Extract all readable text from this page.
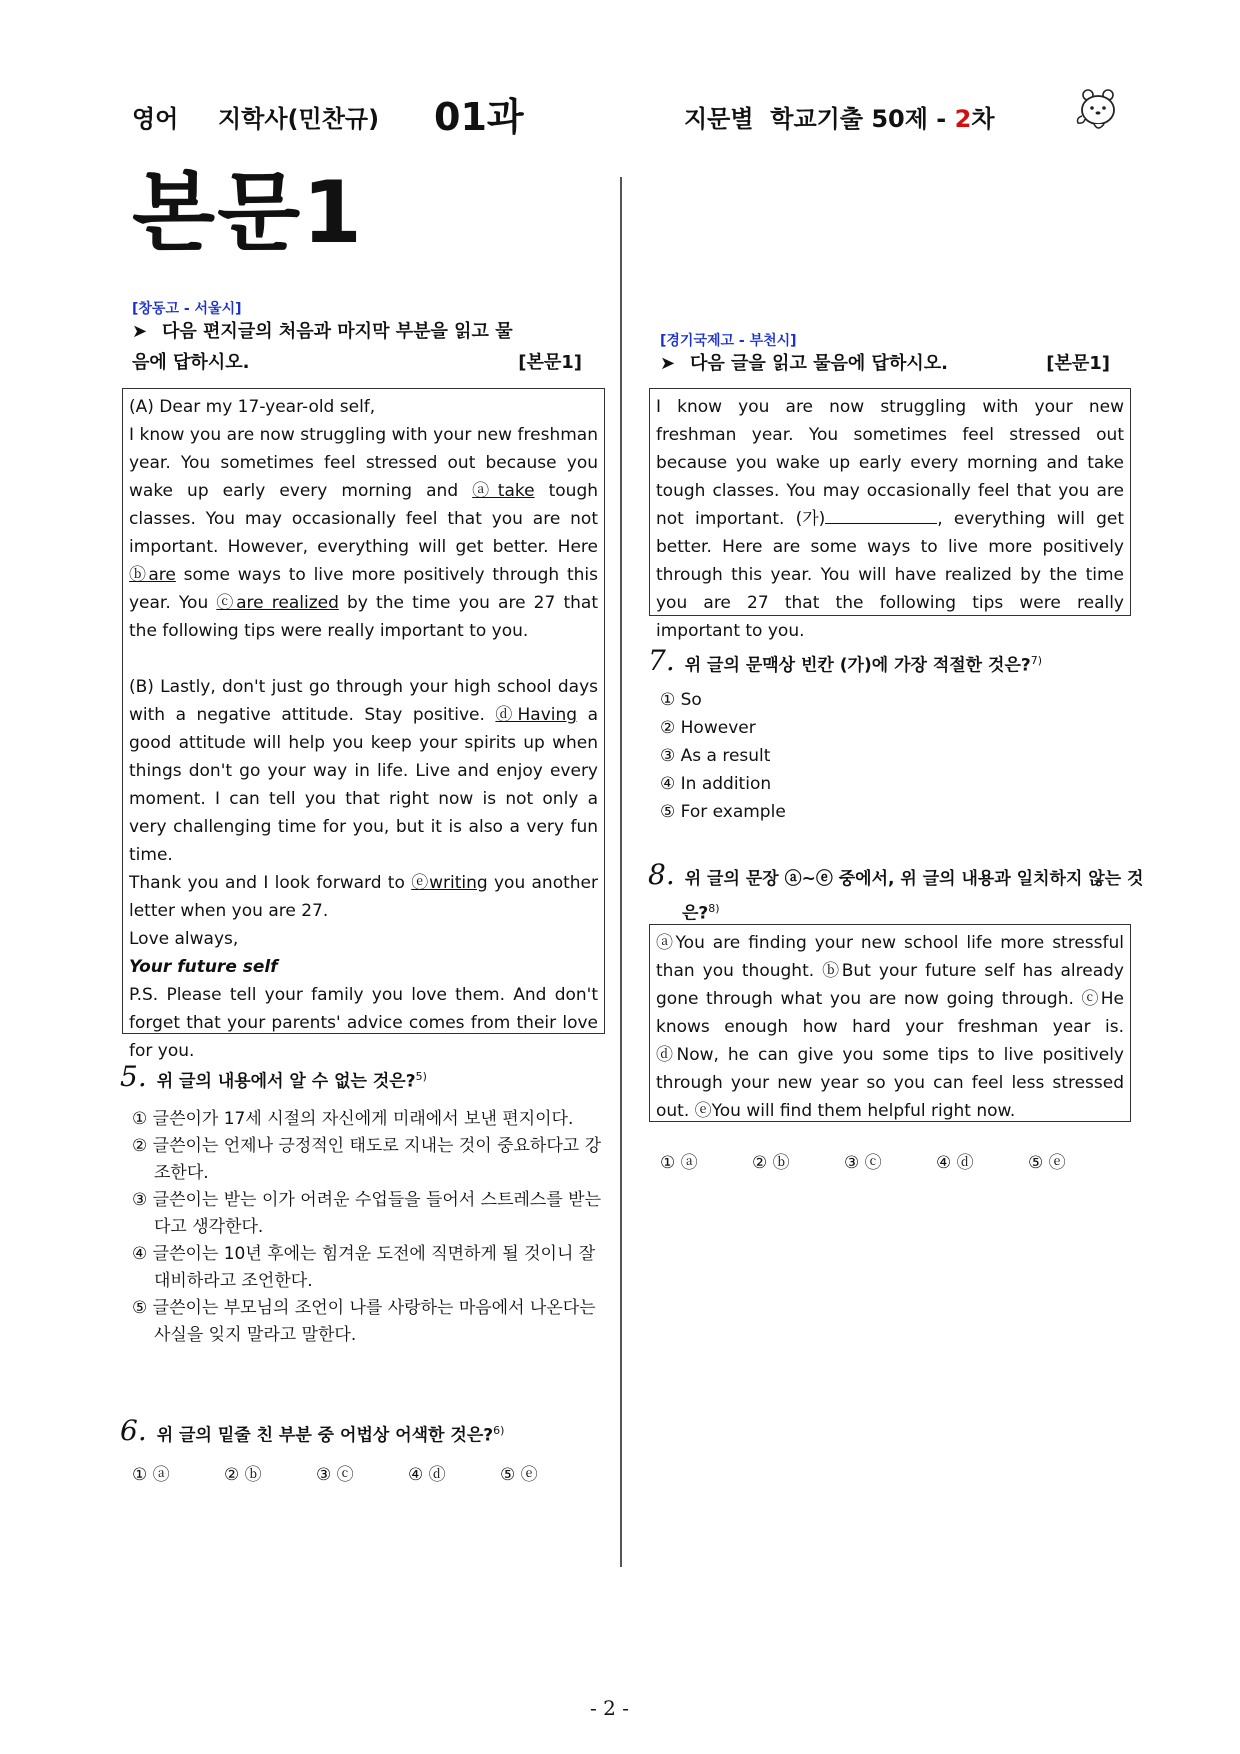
영어 지학사(민찬규) 01과	지문별  학교기출 50제 - 2차
본문1
[창동고 - 서울시]
[본문1]
➤ 다음 편지글의 처음과 마지막 부분을 읽고 물음에 답하시오.

(A) Dear my 17-year-old self,

I know you are now struggling with your new freshman year. You sometimes feel stressed out because you wake up early every morning and ⓐtake tough classes. You may occasionally feel that you are not important. However, everything will get better. Here ⓑare some ways to live more positively through this year. You ⓒare realized by the time you are 27 that the following tips were really important to you.

(B) Lastly, don't just go through your high school days with a negative attitude. Stay positive. ⓓHaving a good attitude will help you keep your spirits up when things don't go your way in life. Live and enjoy every moment. I can tell you that right now is not only a very challenging time for you, but it is also a very fun time.

Thank you and I look forward to ⓔwriting you another letter when you are 27.

Love always,

Your future self

P.S. Please tell your family you love them. And don't forget that your parents' advice comes from their love for you.

5. 위 글의 내용에서 알 수 없는 것은?$^{5)}$
① 글쓴이가 17세 시절의 자신에게 미래에서 보낸 편지이다.
② 글쓴이는 언제나 긍정적인 태도로 지내는 것이 중요하다고 강조한다.
③ 글쓴이는 받는 이가 어려운 수업들을 들어서 스트레스를 받는다고 생각한다.
④ 글쓴이는 10년 후에는 힘겨운 도전에 직면하게 될 것이니 잘 대비하라고 조언한다.
⑤ 글쓴이는 부모님의 조언이 나를 사랑하는 마음에서 나온다는 사실을 잊지 말라고 말한다.
6. 위 글의 밑줄 친 부분 중 어법상 어색한 것은?$^{6)}$
① ⓐ	② ⓑ	③ ⓒ	④ ⓓ	⑤ ⓔ
[경기국제고 - 부천시]
[본문1]
➤ 다음 글을 읽고 물음에 답하시오.

I know you are now struggling with your new freshman year. You sometimes feel stressed out because you wake up early every morning and take tough classes. You may occasionally feel that you are not important. (가)	, everything will get better. Here are some ways to live more positively through this year. You will have realized by the time you are 27 that the following tips were really important to you.

7. 위 글의 문맥상 빈칸 (가)에 가장 적절한 것은?$^{7)}$
① So
② However
③ As a result
④ In addition
⑤ For example
8. 위 글의 문장 ⓐ~ⓔ 중에서, 위 글의 내용과 일치하지 않는 것은?$^{8)}$
ⓐYou are finding your new school life more stressful than you thought. ⓑBut your future self has already gone through what you are now going through. ⓒHe knows enough how hard your freshman year is. ⓓNow, he can give you some tips to live positively through your new year so you can feel less stressed out. ⓔYou will find them helpful right now.
① ⓐ	② ⓑ	③ ⓒ	④ ⓓ	⑤ ⓔ
- 2 -
